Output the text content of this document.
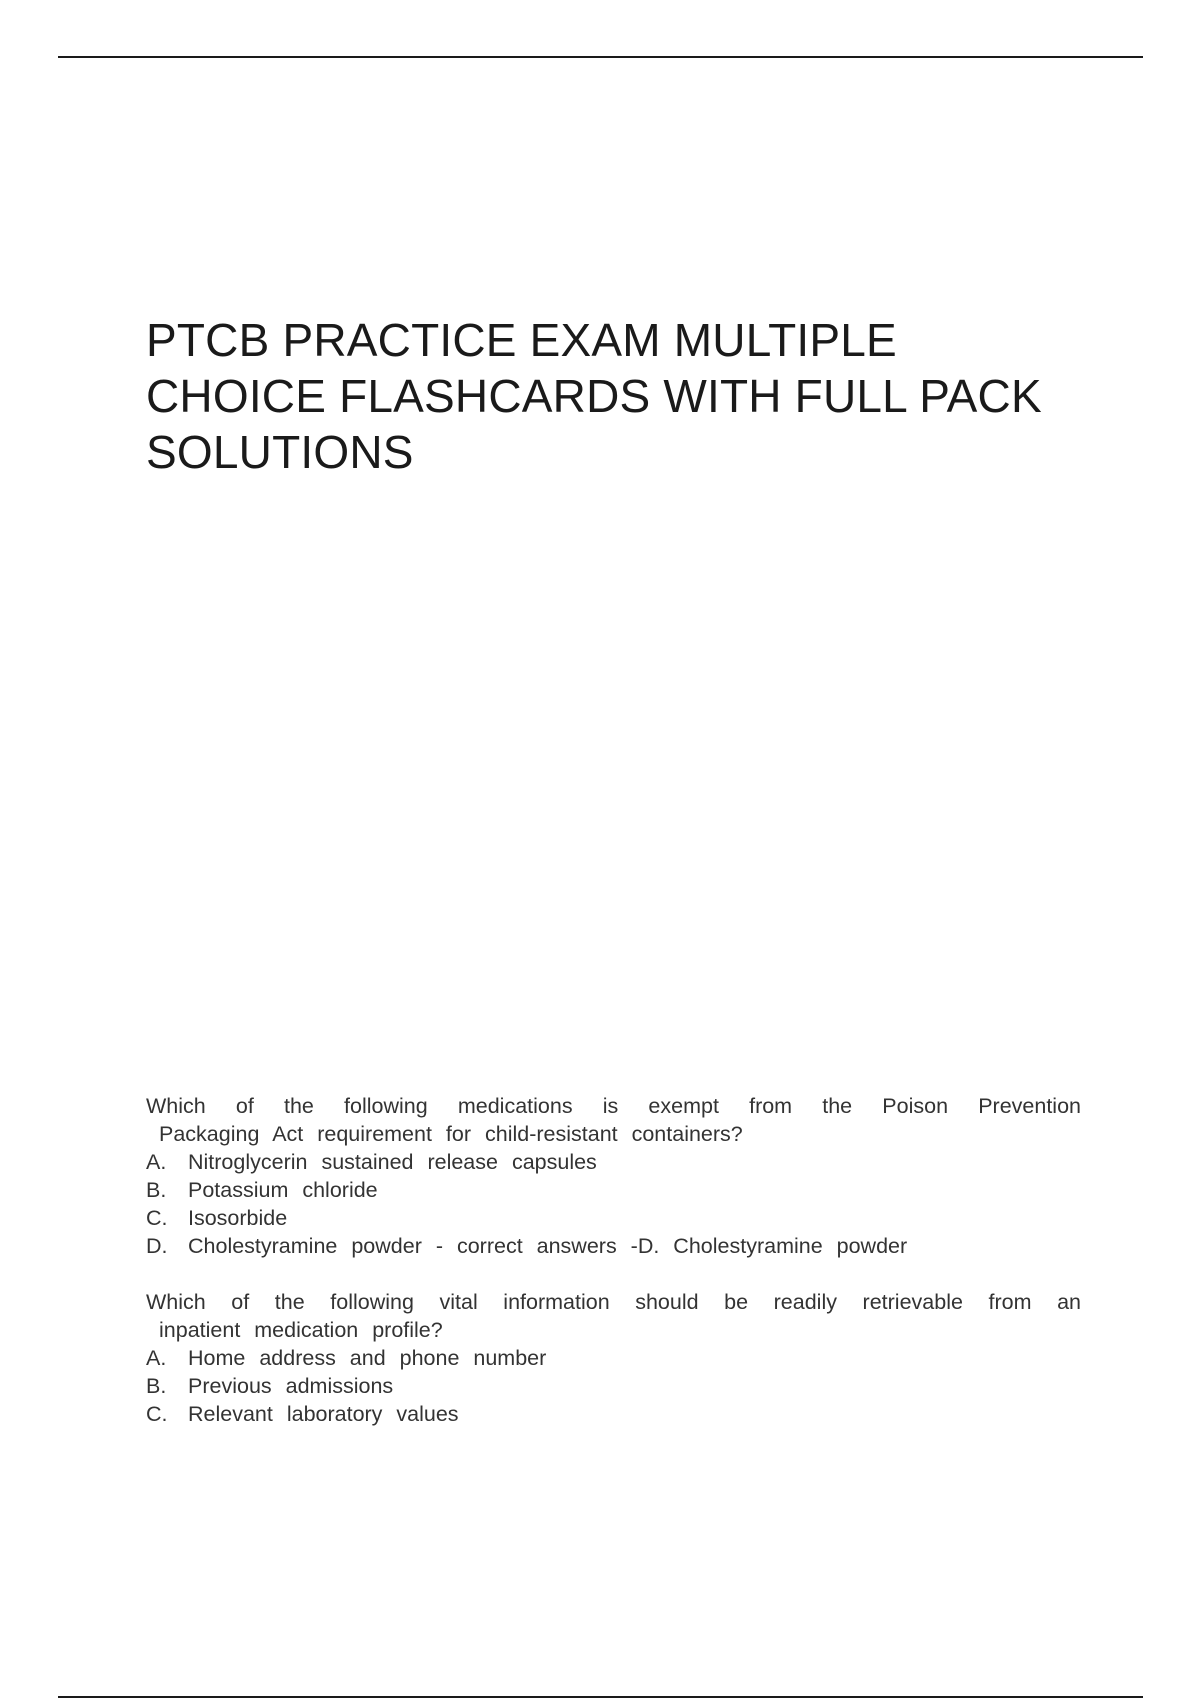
PTCB PRACTICE EXAM MULTIPLE
CHOICE FLASHCARDS WITH FULL PACK
SOLUTIONS

Which of the following medications is exempt from the Poison Prevention
Packaging Act requirement for child-resistant containers?

A.	Nitroglycerin sustained release capsules
B.	Potassium chloride
C. Isosorbide
D. Cholestyramine powder - correct answers -D. Cholestyramine powder

Which of the following vital information should be readily retrievable from an
inpatient medication profile?

A.	Home address and phone number
B.	Previous admissions
C. Relevant laboratory values
